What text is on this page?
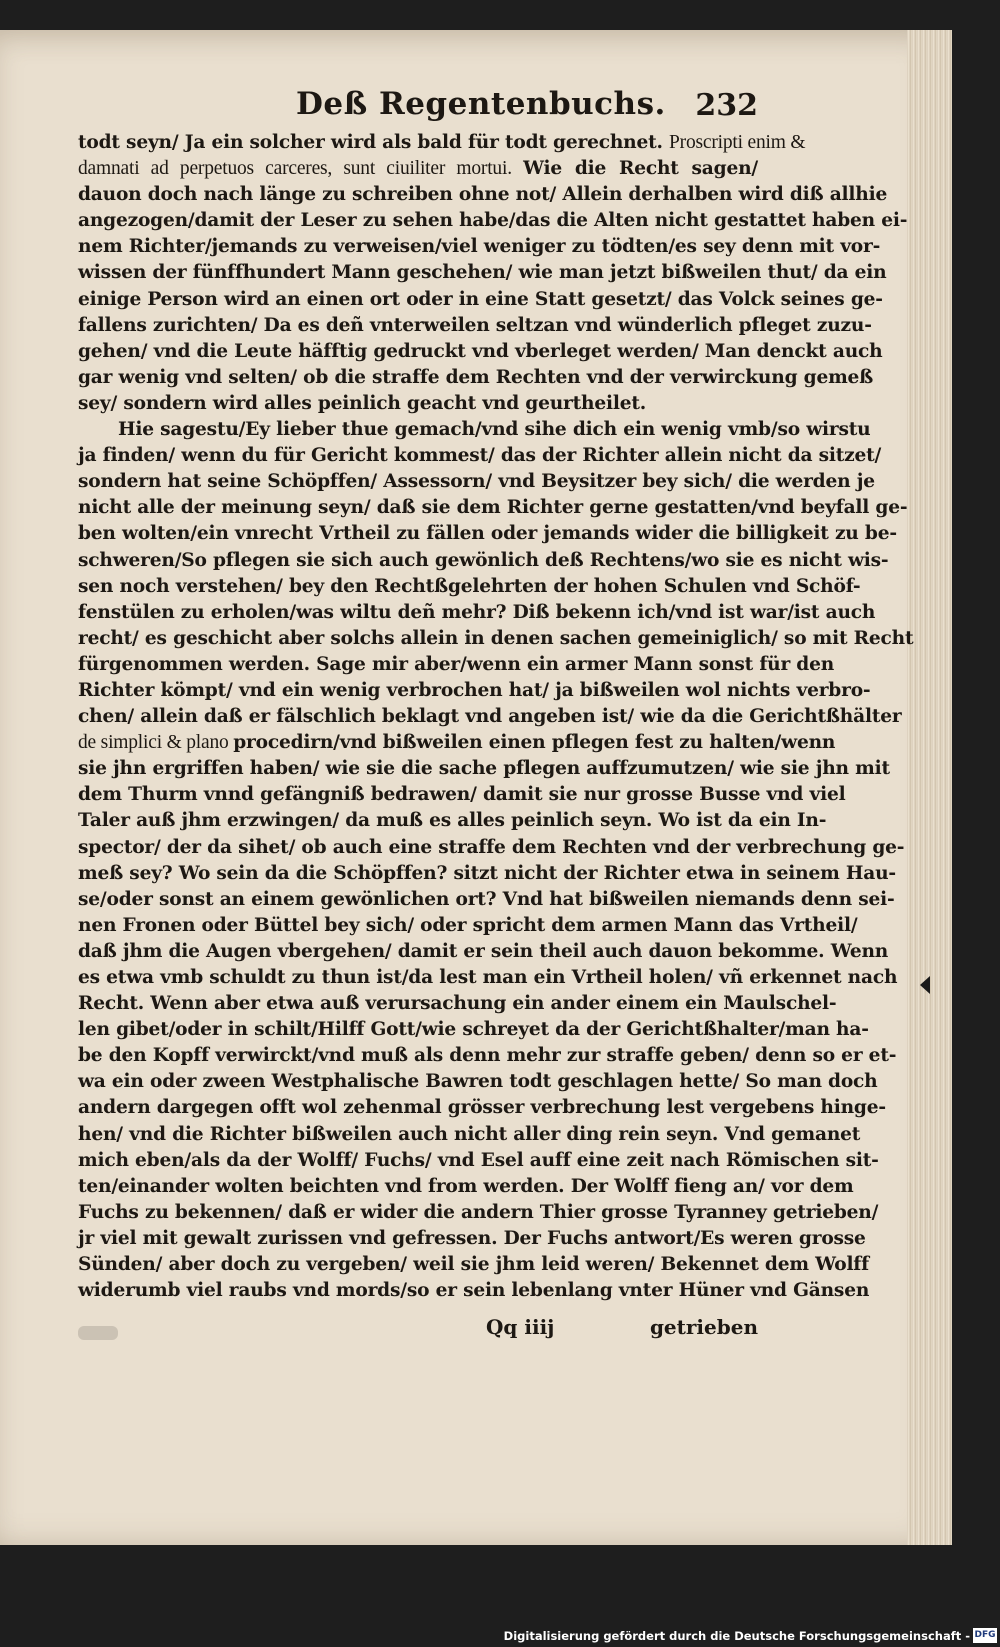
Deß Regentenbuchs. 232
todt seyn/ Ja ein solcher wird als bald für todt gerechnet. Proscripti enim &
damnati ad perpetuos carceres, sunt ciuiliter mortui. Wie die Recht sagen/
dauon doch nach länge zu schreiben ohne not/ Allein derhalben wird diß allhie
angezogen/damit der Leser zu sehen habe/das die Alten nicht gestattet haben ei-
nem Richter/jemands zu verweisen/viel weniger zu tödten/es sey denn mit vor-
wissen der fünffhundert Mann geschehen/ wie man jetzt bißweilen thut/ da ein
einige Person wird an einen ort oder in eine Statt gesetzt/ das Volck seines ge-
fallens zurichten/ Da es deñ vnterweilen seltzan vnd wünderlich pfleget zuzu-
gehen/ vnd die Leute häfftig gedruckt vnd vberleget werden/ Man denckt auch
gar wenig vnd selten/ ob die straffe dem Rechten vnd der verwirckung gemeß
sey/ sondern wird alles peinlich geacht vnd geurtheilet.
Hie sagestu/Ey lieber thue gemach/vnd sihe dich ein wenig vmb/so wirstu
ja finden/ wenn du für Gericht kommest/ das der Richter allein nicht da sitzet/
sondern hat seine Schöpffen/ Assessorn/ vnd Beysitzer bey sich/ die werden je
nicht alle der meinung seyn/ daß sie dem Richter gerne gestatten/vnd beyfall ge-
ben wolten/ein vnrecht Vrtheil zu fällen oder jemands wider die billigkeit zu be-
schweren/So pflegen sie sich auch gewönlich deß Rechtens/wo sie es nicht wis-
sen noch verstehen/ bey den Rechtßgelehrten der hohen Schulen vnd Schöf-
fenstülen zu erholen/was wiltu deñ mehr? Diß bekenn ich/vnd ist war/ist auch
recht/ es geschicht aber solchs allein in denen sachen gemeiniglich/ so mit Recht
fürgenommen werden. Sage mir aber/wenn ein armer Mann sonst für den
Richter kömpt/ vnd ein wenig verbrochen hat/ ja bißweilen wol nichts verbro-
chen/ allein daß er fälschlich beklagt vnd angeben ist/ wie da die Gerichtßhälter
de simplici & plano procedirn/vnd bißweilen einen pflegen fest zu halten/wenn
sie jhn ergriffen haben/ wie sie die sache pflegen auffzumutzen/ wie sie jhn mit
dem Thurm vnnd gefängniß bedrawen/ damit sie nur grosse Busse vnd viel
Taler auß jhm erzwingen/ da muß es alles peinlich seyn. Wo ist da ein In-
spector/ der da sihet/ ob auch eine straffe dem Rechten vnd der verbrechung ge-
meß sey? Wo sein da die Schöpffen? sitzt nicht der Richter etwa in seinem Hau-
se/oder sonst an einem gewönlichen ort? Vnd hat bißweilen niemands denn sei-
nen Fronen oder Büttel bey sich/ oder spricht dem armen Mann das Vrtheil/
daß jhm die Augen vbergehen/ damit er sein theil auch dauon bekomme. Wenn
es etwa vmb schuldt zu thun ist/da lest man ein Vrtheil holen/ vñ erkennet nach
Recht. Wenn aber etwa auß verursachung ein ander einem ein Maulschel-
len gibet/oder in schilt/Hilff Gott/wie schreyet da der Gerichtßhalter/man ha-
be den Kopff verwirckt/vnd muß als denn mehr zur straffe geben/ denn so er et-
wa ein oder zween Westphalische Bawren todt geschlagen hette/ So man doch
andern dargegen offt wol zehenmal grösser verbrechung lest vergebens hinge-
hen/ vnd die Richter bißweilen auch nicht aller ding rein seyn. Vnd gemanet
mich eben/als da der Wolff/ Fuchs/ vnd Esel auff eine zeit nach Römischen sit-
ten/einander wolten beichten vnd from werden. Der Wolff fieng an/ vor dem
Fuchs zu bekennen/ daß er wider die andern Thier grosse Tyranney getrieben/
jr viel mit gewalt zurissen vnd gefressen. Der Fuchs antwort/Es weren grosse
Sünden/ aber doch zu vergeben/ weil sie jhm leid weren/ Bekennet dem Wolff
widerumb viel raubs vnd mords/so er sein lebenlang vnter Hüner vnd Gänsen
Qq iiij	getrieben
Digitalisierung gefördert durch die Deutsche Forschungsgemeinschaft - DFG
